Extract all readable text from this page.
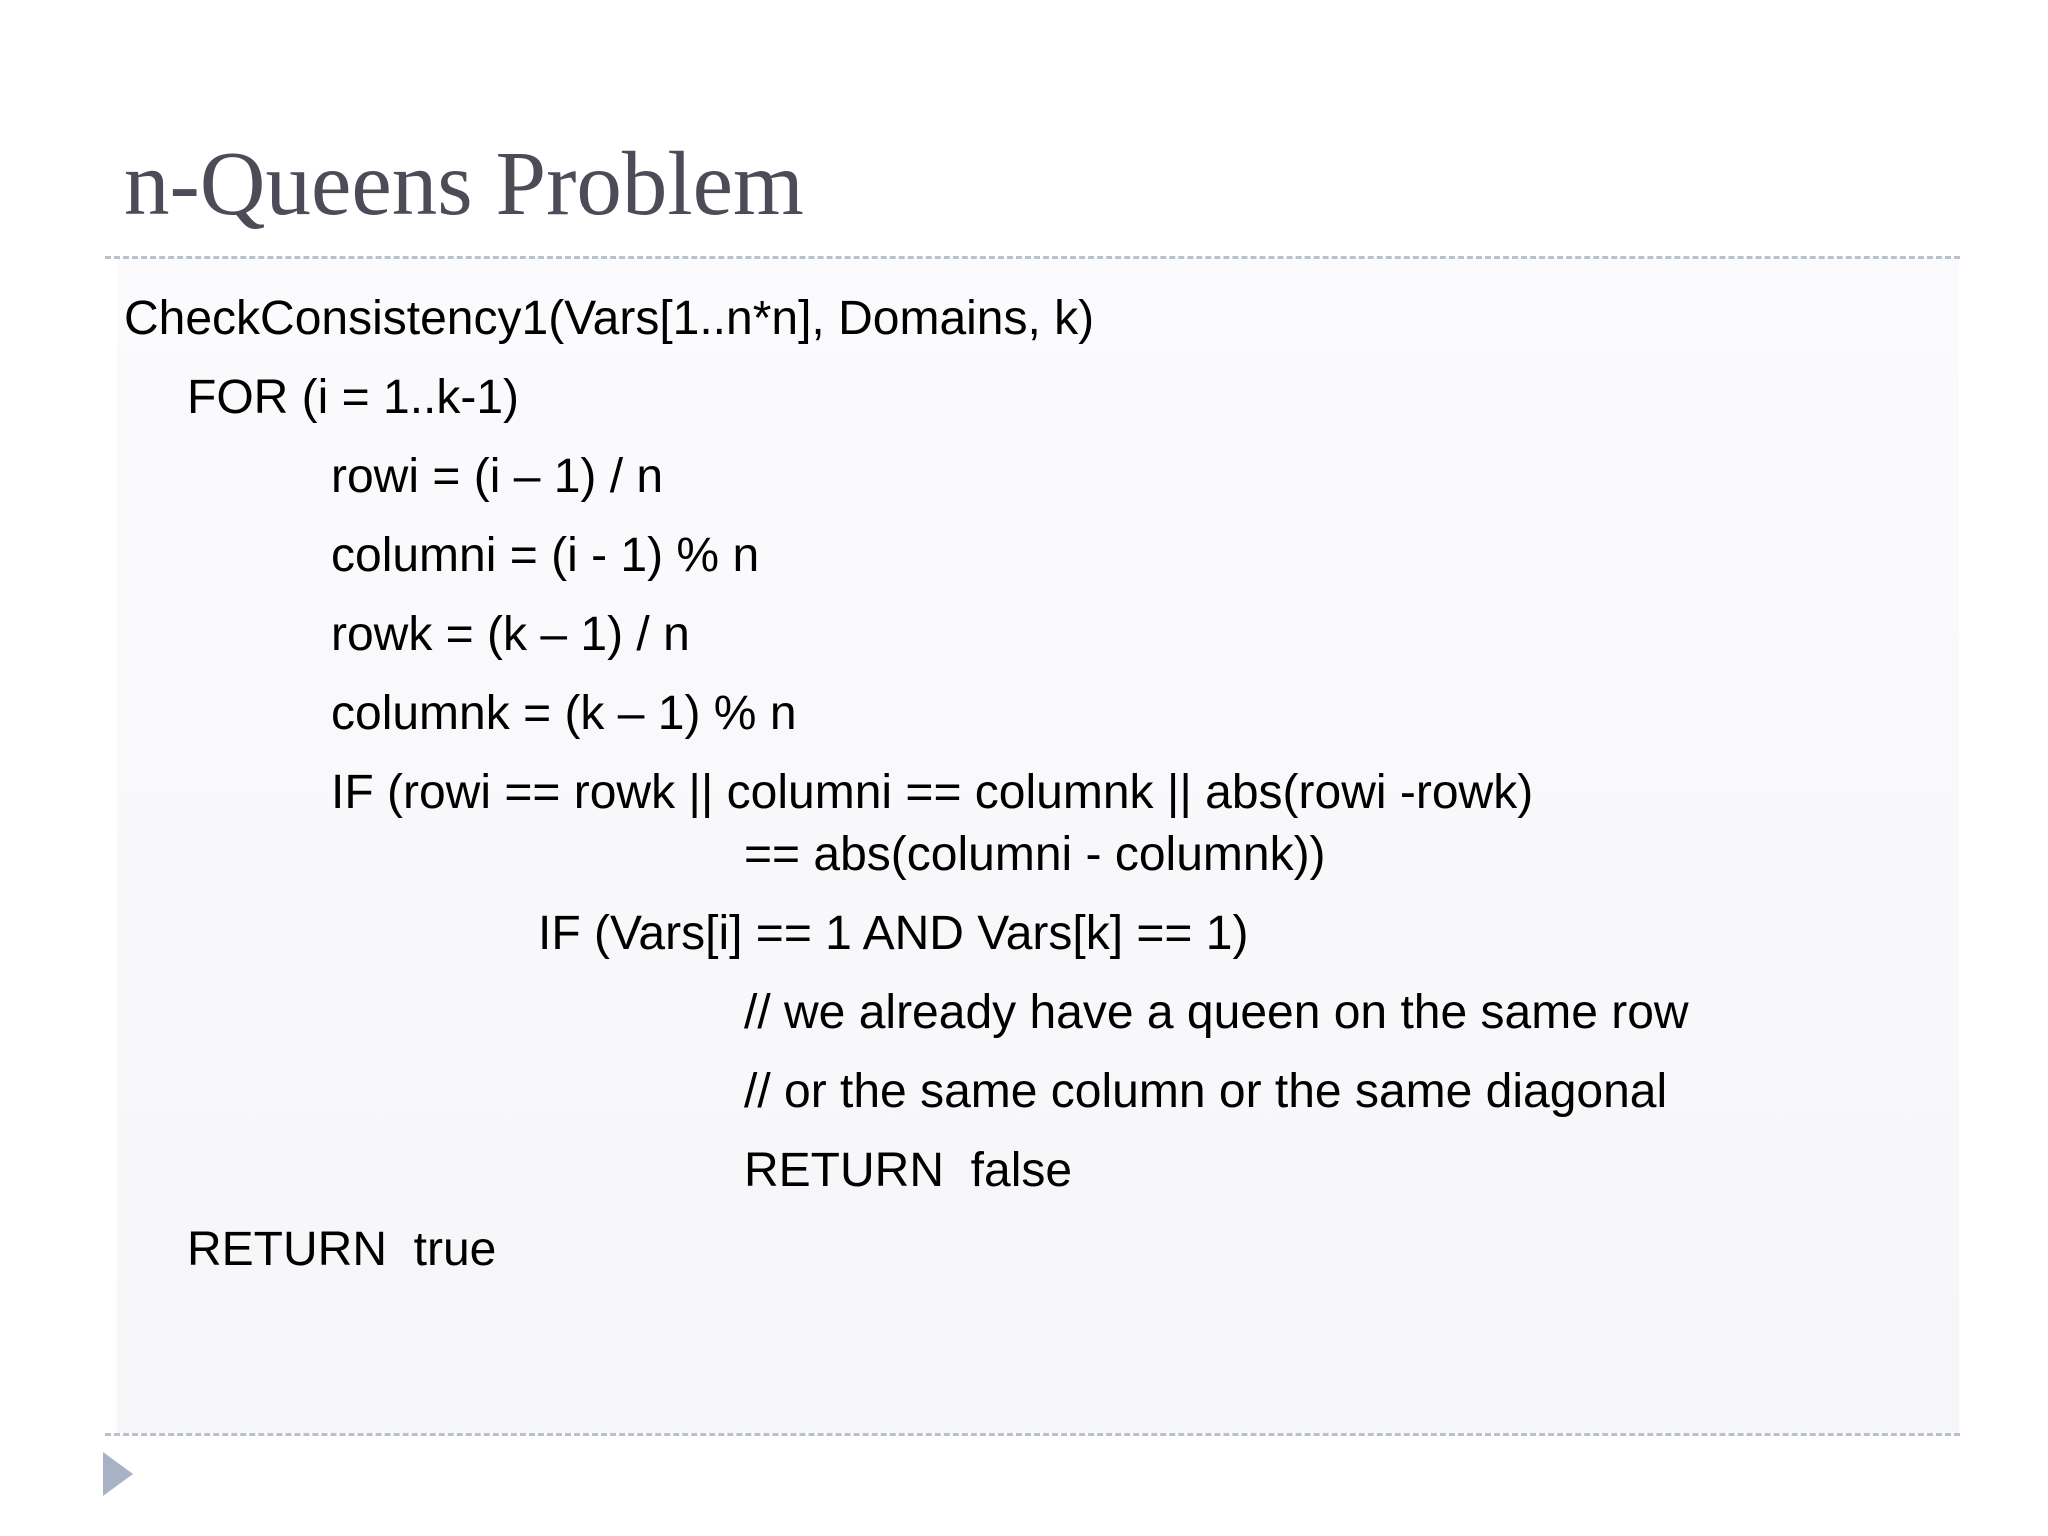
n-Queens Problem

CheckConsistency1(Vars[1..n*n], Domains, k)

FOR (i = 1..k-1)

rowi = (i – 1) / n

columni = (i - 1) % n

rowk = (k – 1) / n

columnk = (k – 1) % n

IF (rowi == rowk || columni == columnk || abs(rowi -rowk)

== abs(columni - columnk))

IF (Vars[i] == 1 AND Vars[k] == 1)

// we already have a queen on the same row

// or the same column or the same diagonal

RETURN  false

RETURN  true
